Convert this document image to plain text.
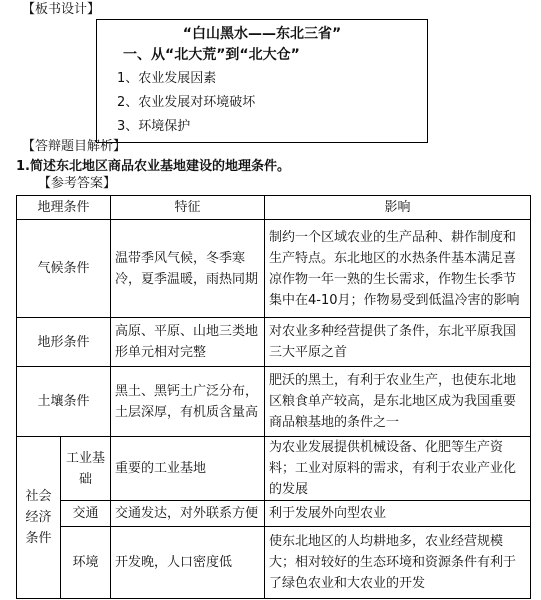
【板书设计】
“白山黑水——东北三省”
一、从“北大荒”到“北大仓”
1、农业发展因素
2、农业发展对环境破坏
3、环境保护
【答辩题目解析】
1.简述东北地区商品农业基地建设的地理条件。
【参考答案】
地理条件		特征	影响
气候条件		温带季风气候，冬季寒冷，夏季温暖，雨热同期	制约一个区域农业的生产品种、耕作制度和生产特点。东北地区的水热条件基本满足喜凉作物一年一熟的生长需求，作物生长季节集中在4-10月；作物易受到低温冷害的影响
地形条件		高原、平原、山地三类地形单元相对完整	对农业多种经营提供了条件，东北平原我国三大平原之首
土壤条件		黑土、黑钙土广泛分布，土层深厚，有机质含量高	肥沃的黑土，有利于农业生产，也使东北地区粮食单产较高，是东北地区成为我国重要商品粮基地的条件之一
社会经济条件	工业基础	重要的工业基地	为农业发展提供机械设备、化肥等生产资料；工业对原料的需求，有利于农业产业化的发展
	交通	交通发达，对外联系方便	利于发展外向型农业
	环境	开发晚，人口密度低	使东北地区的人均耕地多，农业经营规模大；相对较好的生态环境和资源条件有利于了绿色农业和大农业的开发
